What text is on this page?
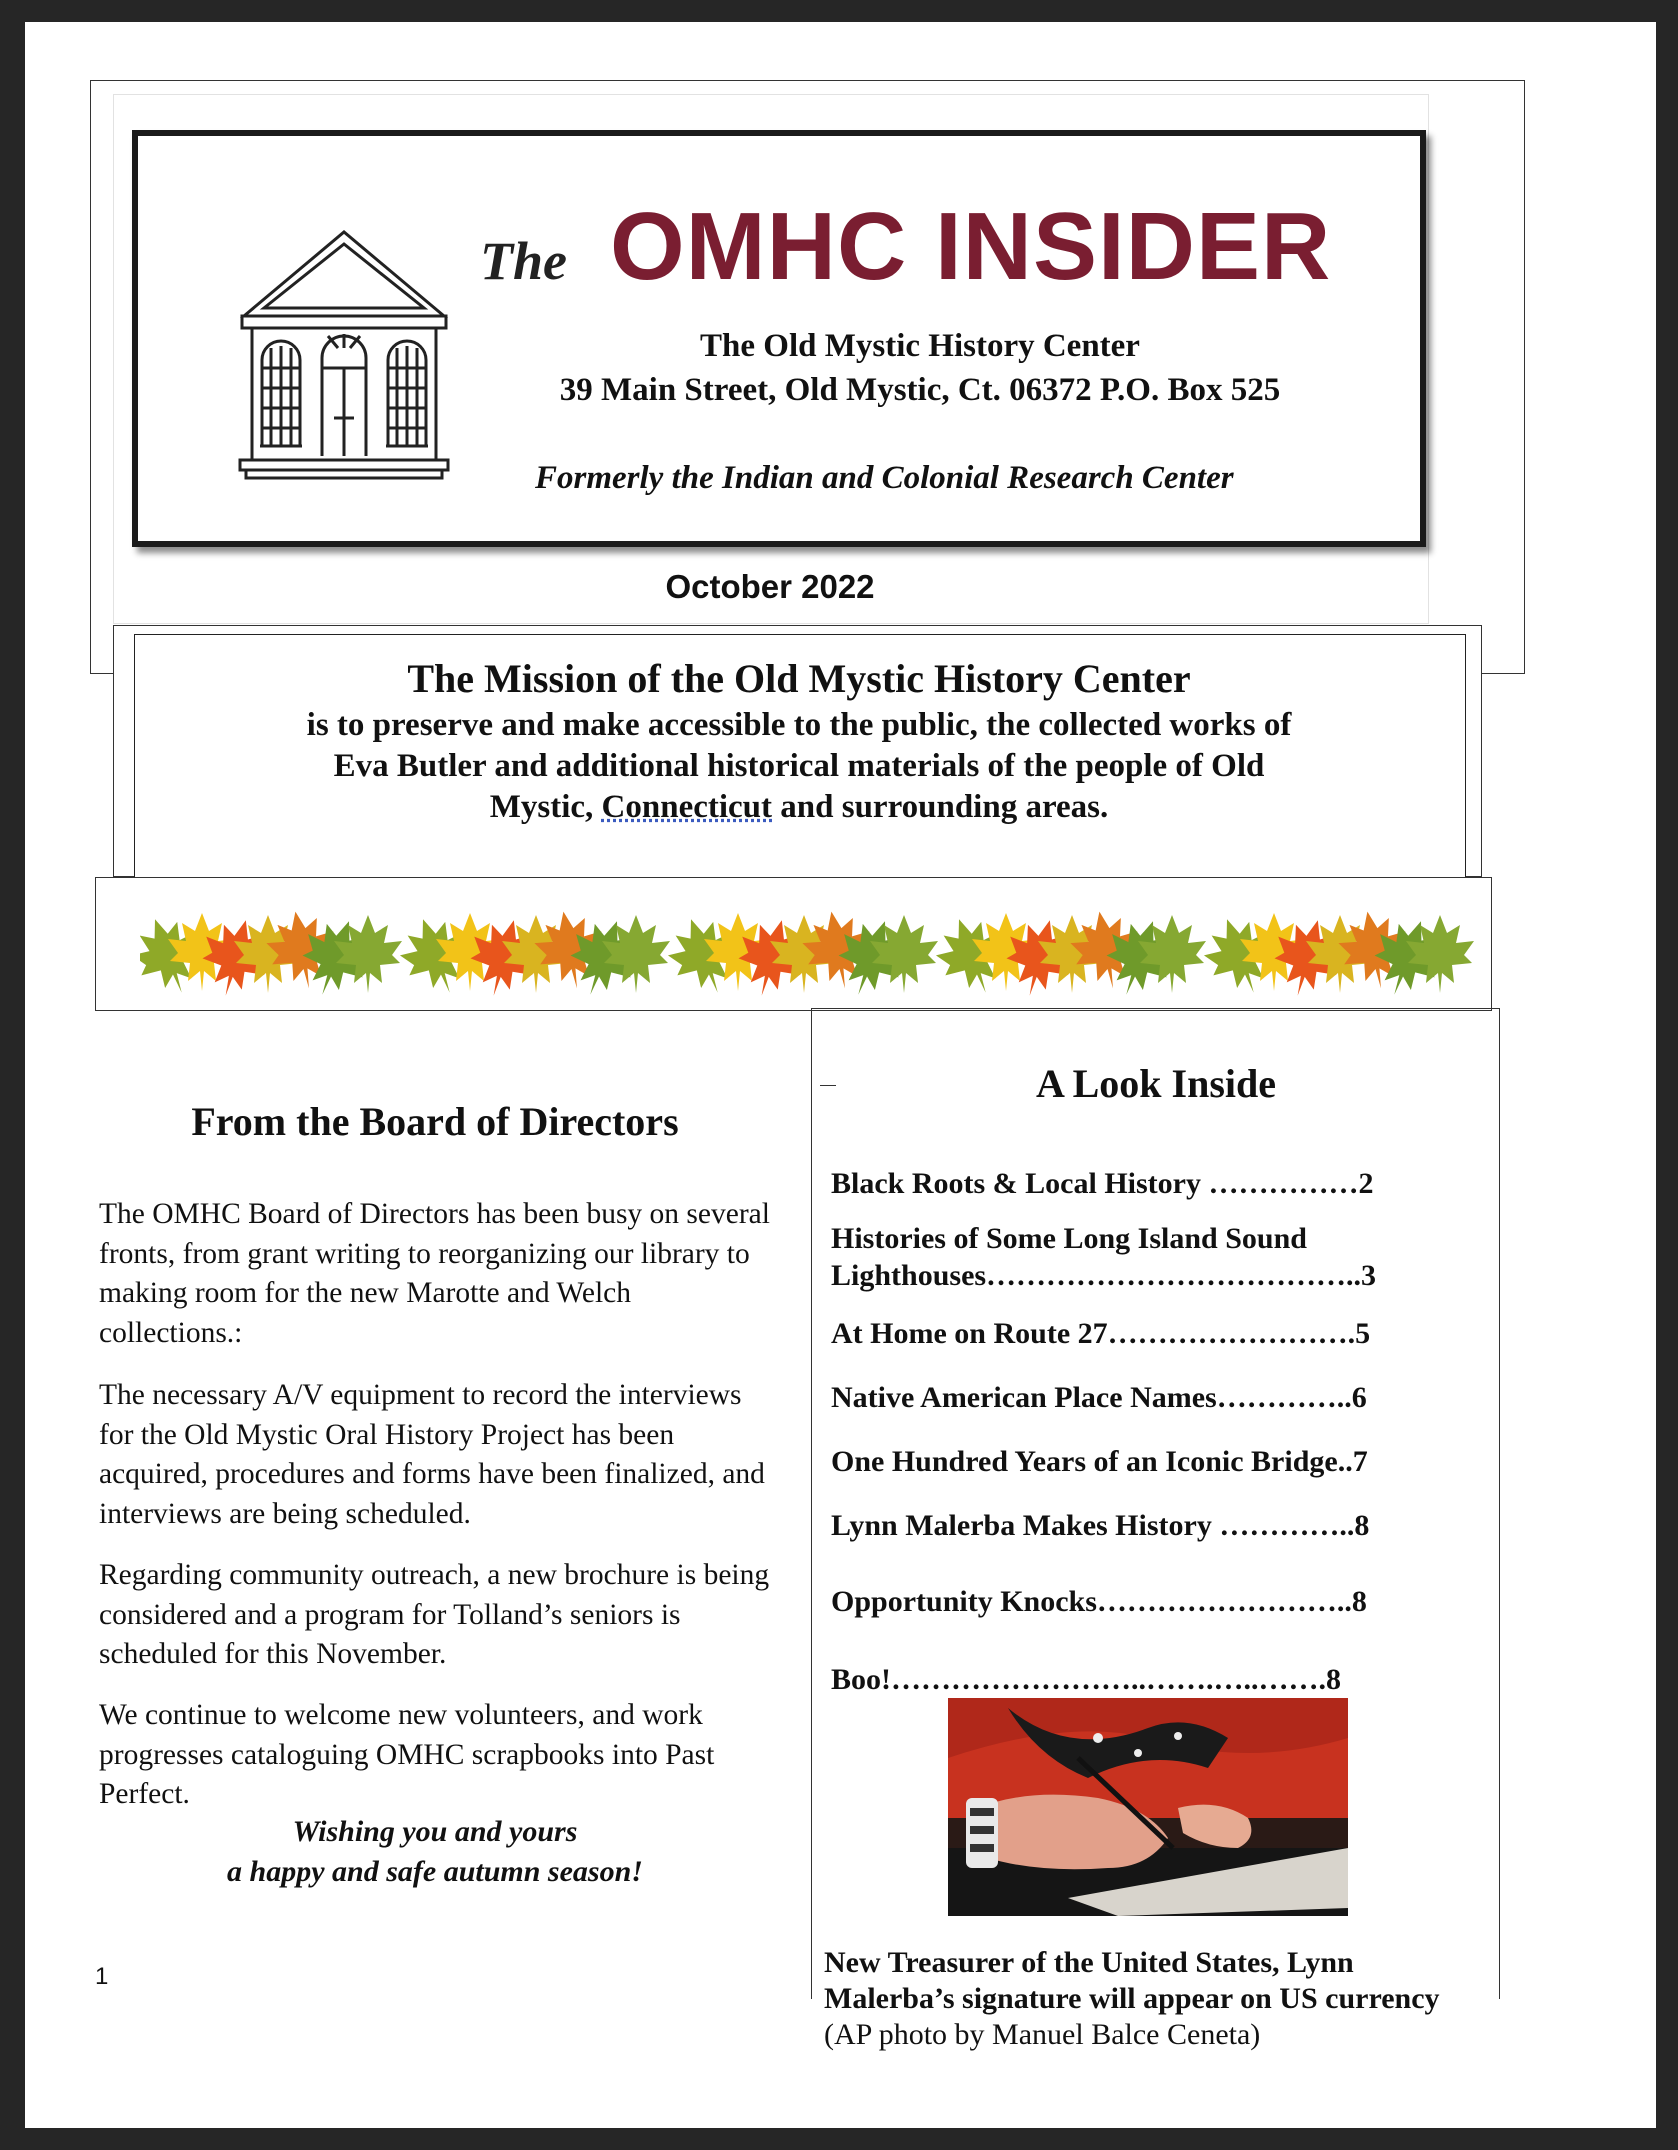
The OMHC INSIDER
The Old Mystic History Center
39 Main Street, Old Mystic, Ct. 06372 P.O. Box 525
Formerly the Indian and Colonial Research Center
October 2022
The Mission of the Old Mystic History Center
is to preserve and make accessible to the public, the collected works of Eva Butler and additional historical materials of the people of Old Mystic, Connecticut and surrounding areas.
A Look Inside
Black Roots & Local History ……………2
Histories of Some Long Island Sound
Lighthouses………………………………..3
At Home on Route 27…………………….5
Native American Place Names…………..6
One Hundred Years of an Iconic Bridge..7
Lynn Malerba Makes History …………..8
Opportunity Knocks……………………..8
Boo!……………………..…….…..…….8
From the Board of Directors
The OMHC Board of Directors has been busy on several fronts, from grant writing to reorganizing our library to making room for the new Marotte and Welch collections.:
The necessary A/V equipment to record the interviews for the Old Mystic Oral History Project has been acquired, procedures and forms have been finalized, and interviews are being scheduled.
Regarding community outreach, a new brochure is being considered and a program for Tolland’s seniors is scheduled for this November.
We continue to welcome new volunteers, and work progresses cataloguing OMHC scrapbooks into Past Perfect.
Wishing you and yours
a happy and safe autumn season!
1	New Treasurer of the United States, Lynn Malerba’s signature will appear on US currency (AP photo by Manuel Balce Ceneta)
